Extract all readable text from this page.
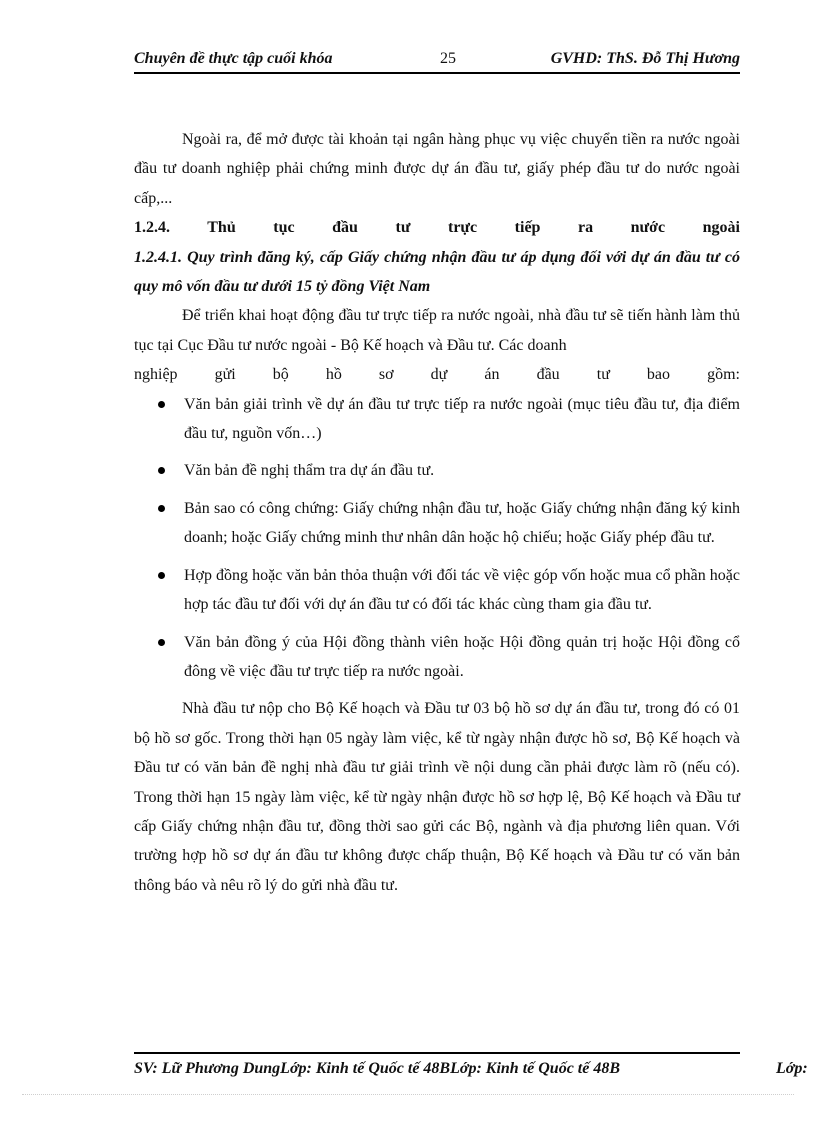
Chuyên đề thực tập cuối khóa	25	GVHD: ThS. Đỗ Thị Hương

Ngoài ra, để mở được tài khoản tại ngân hàng phục vụ việc chuyển tiền ra nước ngoài đầu tư doanh nghiệp phải chứng minh được dự án đầu tư, giấy phép đầu tư do nước ngoài cấp,...

1.2.4. Thủ tục đầu tư trực tiếp ra nước ngoài

1.2.4.1. Quy trình đăng ký, cấp Giấy chứng nhận đầu tư áp dụng đối với dự án đầu tư có quy mô vốn đầu tư dưới 15 tỷ đồng Việt Nam

Để triển khai hoạt động đầu tư trực tiếp ra nước ngoài, nhà đầu tư sẽ tiến hành làm thủ tục tại Cục Đầu tư nước ngoài - Bộ Kế hoạch và Đầu tư. Các doanh

nghiệp gửi bộ hồ sơ dự án đầu tư bao gồm:

Văn bản giải trình về dự án đầu tư trực tiếp ra nước ngoài (mục tiêu đầu tư, địa điểm đầu tư, nguồn vốn…)
Văn bản đề nghị thẩm tra dự án đầu tư.
Bản sao có công chứng: Giấy chứng nhận đầu tư, hoặc Giấy chứng nhận đăng ký kinh doanh; hoặc Giấy chứng minh thư nhân dân hoặc hộ chiếu; hoặc Giấy phép đầu tư.
Hợp đồng hoặc văn bản thỏa thuận với đối tác về việc góp vốn hoặc mua cổ phần hoặc hợp tác đầu tư đối với dự án đầu tư có đối tác khác cùng tham gia đầu tư.
Văn bản đồng ý của Hội đồng thành viên hoặc Hội đồng quản trị hoặc Hội đồng cổ đông về việc đầu tư trực tiếp ra nước ngoài.

Nhà đầu tư nộp cho Bộ Kế hoạch và Đầu tư 03 bộ hồ sơ dự án đầu tư, trong đó có 01 bộ hồ sơ gốc. Trong thời hạn 05 ngày làm việc, kể từ ngày nhận được hồ sơ, Bộ Kế hoạch và Đầu tư có văn bản đề nghị nhà đầu tư giải trình về nội dung cần phải được làm rõ (nếu có). Trong thời hạn 15 ngày làm việc, kể từ ngày nhận được hồ sơ hợp lệ, Bộ Kế hoạch và Đầu tư cấp Giấy chứng nhận đầu tư, đồng thời sao gửi các Bộ, ngành và địa phương liên quan. Với trường hợp hồ sơ dự án đầu tư không được chấp thuận, Bộ Kế hoạch và Đầu tư có văn bản thông báo và nêu rõ lý do gửi nhà đầu tư.

SV: Lữ Phương DungLớp: Kinh tế Quốc tế 48BLớp: Kinh tế Quốc tế 48B	Lớp:
